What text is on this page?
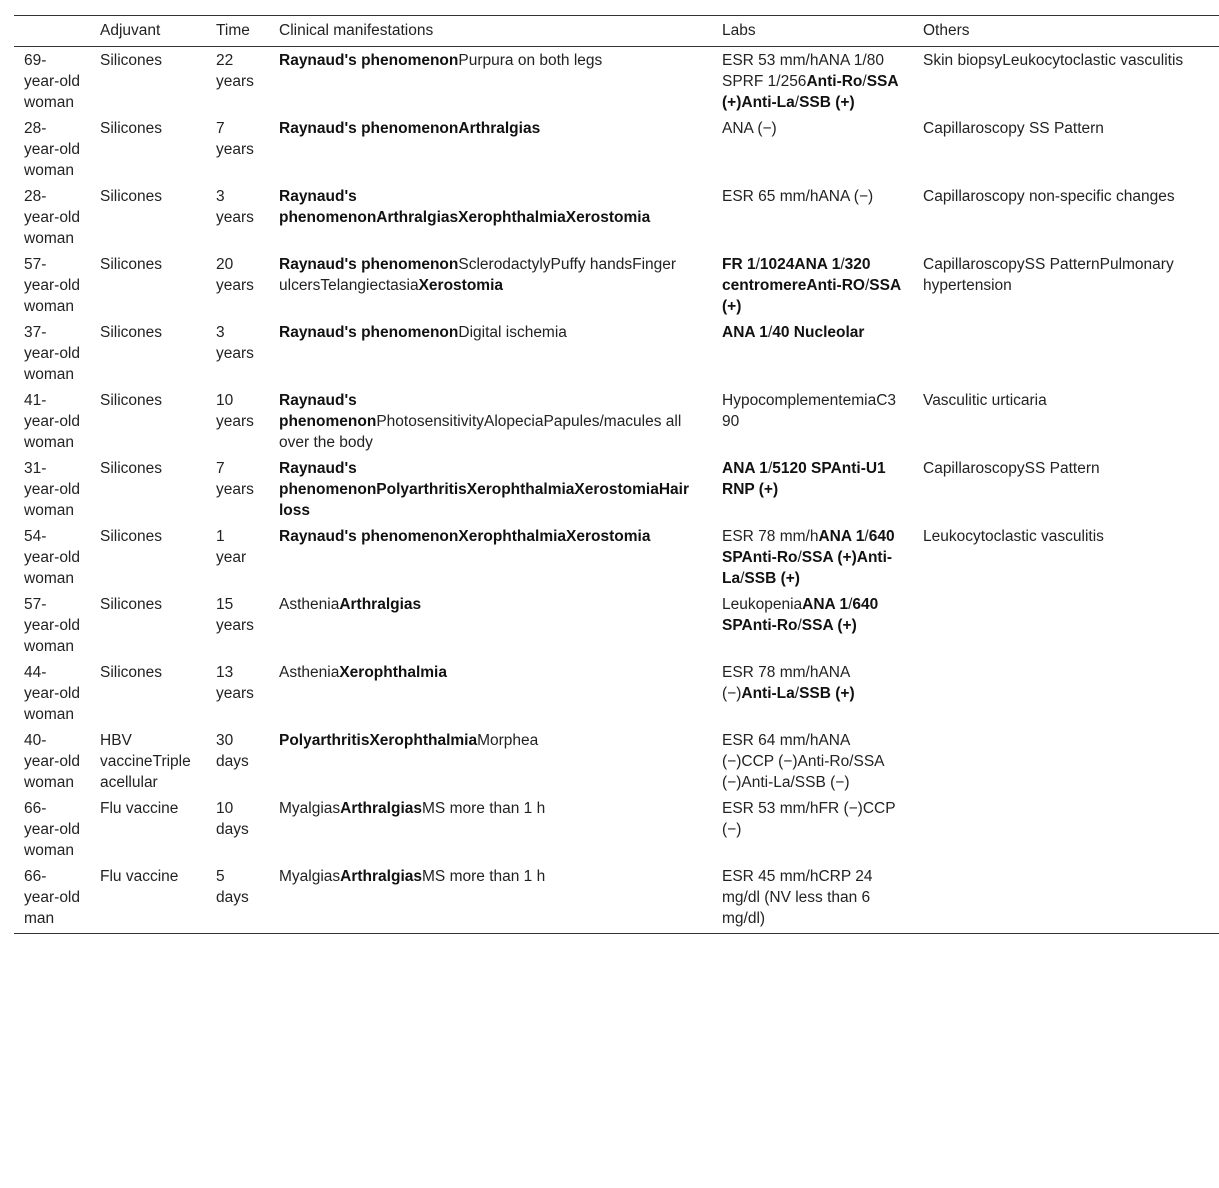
	Adjuvant	Time	Clinical manifestations	Labs	Others
69-year-old woman	Silicones	22 years	Raynaud's phenomenonPurpura on both legs	ESR 53 mm/hANA 1/80 SPRF 1/256Anti-Ro/SSA (+)Anti-La/SSB (+)	Skin biopsyLeukocytoclastic vasculitis
28-year-old woman	Silicones	7 years	Raynaud's phenomenonArthralgias	ANA (−)	Capillaroscopy SS Pattern
28-year-old woman	Silicones	3 years	Raynaud's phenomenonArthralgiasXerophthalmiaXerostomia	ESR 65 mm/hANA (−)	Capillaroscopy non-specific changes
57-year-old woman	Silicones	20 years	Raynaud's phenomenonSclerodactylyPuffy handsFinger ulcersTelangiectasiaXerostomia	FR 1/1024ANA 1/320 centromereAnti-RO/SSA (+)	CapillaroscopySS PatternPulmonary hypertension
37-year-old woman	Silicones	3 years	Raynaud's phenomenonDigital ischemia	ANA 1/40 Nucleolar	
41-year-old woman	Silicones	10 years	Raynaud's phenomenonPhotosensitivityAlopeciaPapules/macules all over the body	HypocomplementemiaC3 90	Vasculitic urticaria
31-year-old woman	Silicones	7 years	Raynaud's phenomenonPolyarthritisXerophthalmiaXerostomiaHair loss	ANA 1/5120 SPAnti-U1 RNP (+)	CapillaroscopySS Pattern
54-year-old woman	Silicones	1 year	Raynaud's phenomenonXerophthalmiaXerostomia	ESR 78 mm/hANA 1/640 SPAnti-Ro/SSA (+)Anti-La/SSB (+)	Leukocytoclastic vasculitis
57-year-old woman	Silicones	15 years	AstheniaArthralgias	LeukopeniaANA 1/640 SPAnti-Ro/SSA (+)	
44-year-old woman	Silicones	13 years	AstheniaXerophthalmia	ESR 78 mm/hANA (−)Anti-La/SSB (+)	
40-year-old woman	HBV vaccineTriple acellular	30 days	PolyarthritisXerophthalmiaMorphea	ESR 64 mm/hANA (−)CCP (−)Anti-Ro/SSA (−)Anti-La/SSB (−)	
66-year-old woman	Flu vaccine	10 days	MyalgiasArthralgiasMS more than 1 h	ESR 53 mm/hFR (−)CCP (−)	
66-year-old man	Flu vaccine	5 days	MyalgiasArthralgiasMS more than 1 h	ESR 45 mm/hCRP 24 mg/dl (NV less than 6 mg/dl)	
